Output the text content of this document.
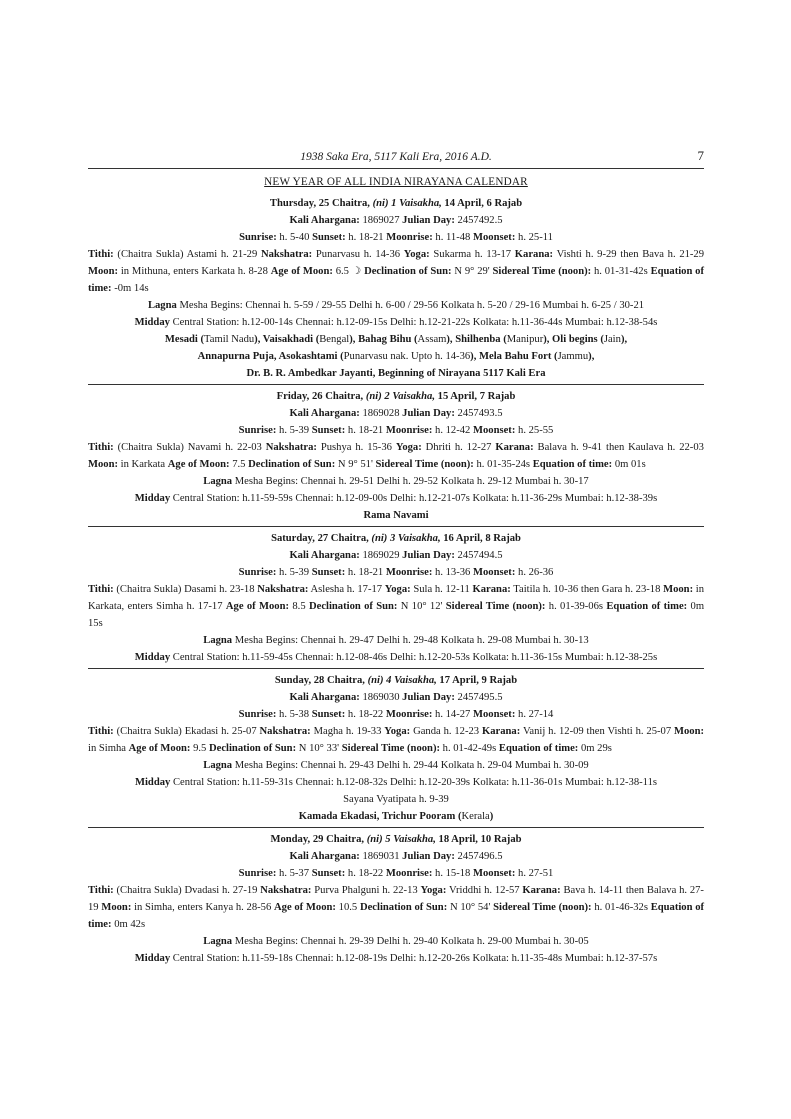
1938 Saka Era, 5117 Kali Era, 2016 A.D.	7
NEW YEAR OF ALL INDIA NIRAYANA CALENDAR
Thursday, 25 Chaitra, (ni) 1 Vaisakha, 14 April, 6 Rajab
Kali Ahargana: 1869027 Julian Day: 2457492.5
Sunrise: h. 5-40 Sunset: h. 18-21 Moonrise: h. 11-48 Moonset: h. 25-11
Tithi: (Chaitra Sukla) Astami h. 21-29 Nakshatra: Punarvasu h. 14-36 Yoga: Sukarma h. 13-17 Karana: Vishti h. 9-29 then Bava h. 21-29 Moon: in Mithuna, enters Karkata h. 8-28 Age of Moon: 6.5 ☽ Declination of Sun: N 9° 29' Sidereal Time (noon): h. 01-31-42s Equation of time: -0m 14s
Lagna Mesha Begins: Chennai h. 5-59 / 29-55 Delhi h. 6-00 / 29-56 Kolkata h. 5-20 / 29-16 Mumbai h. 6-25 / 30-21
Midday Central Station: h.12-00-14s Chennai: h.12-09-15s Delhi: h.12-21-22s Kolkata: h.11-36-44s Mumbai: h.12-38-54s
Mesadi (Tamil Nadu), Vaisakhadi (Bengal), Bahag Bihu (Assam), Shilhenba (Manipur), Oli begins (Jain),
Annapurna Puja, Asokashtami (Punarvasu nak. Upto h. 14-36), Mela Bahu Fort (Jammu),
Dr. B. R. Ambedkar Jayanti, Beginning of Nirayana 5117 Kali Era
Friday, 26 Chaitra, (ni) 2 Vaisakha, 15 April, 7 Rajab
Kali Ahargana: 1869028 Julian Day: 2457493.5
Sunrise: h. 5-39 Sunset: h. 18-21 Moonrise: h. 12-42 Moonset: h. 25-55
Tithi: (Chaitra Sukla) Navami h. 22-03 Nakshatra: Pushya h. 15-36 Yoga: Dhriti h. 12-27 Karana: Balava h. 9-41 then Kaulava h. 22-03 Moon: in Karkata Age of Moon: 7.5 Declination of Sun: N 9° 51' Sidereal Time (noon): h. 01-35-24s Equation of time: 0m 01s
Lagna Mesha Begins: Chennai h. 29-51 Delhi h. 29-52 Kolkata h. 29-12 Mumbai h. 30-17
Midday Central Station: h.11-59-59s Chennai: h.12-09-00s Delhi: h.12-21-07s Kolkata: h.11-36-29s Mumbai: h.12-38-39s
Rama Navami
Saturday, 27 Chaitra, (ni) 3 Vaisakha, 16 April, 8 Rajab
Kali Ahargana: 1869029 Julian Day: 2457494.5
Sunrise: h. 5-39 Sunset: h. 18-21 Moonrise: h. 13-36 Moonset: h. 26-36
Tithi: (Chaitra Sukla) Dasami h. 23-18 Nakshatra: Aslesha h. 17-17 Yoga: Sula h. 12-11 Karana: Taitila h. 10-36 then Gara h. 23-18 Moon: in Karkata, enters Simha h. 17-17 Age of Moon: 8.5 Declination of Sun: N 10° 12' Sidereal Time (noon): h. 01-39-06s Equation of time: 0m 15s
Lagna Mesha Begins: Chennai h. 29-47 Delhi h. 29-48 Kolkata h. 29-08 Mumbai h. 30-13
Midday Central Station: h.11-59-45s Chennai: h.12-08-46s Delhi: h.12-20-53s Kolkata: h.11-36-15s Mumbai: h.12-38-25s
Sunday, 28 Chaitra, (ni) 4 Vaisakha, 17 April, 9 Rajab
Kali Ahargana: 1869030 Julian Day: 2457495.5
Sunrise: h. 5-38 Sunset: h. 18-22 Moonrise: h. 14-27 Moonset: h. 27-14
Tithi: (Chaitra Sukla) Ekadasi h. 25-07 Nakshatra: Magha h. 19-33 Yoga: Ganda h. 12-23 Karana: Vanij h. 12-09 then Vishti h. 25-07 Moon: in Simha Age of Moon: 9.5 Declination of Sun: N 10° 33' Sidereal Time (noon): h. 01-42-49s Equation of time: 0m 29s
Lagna Mesha Begins: Chennai h. 29-43 Delhi h. 29-44 Kolkata h. 29-04 Mumbai h. 30-09
Midday Central Station: h.11-59-31s Chennai: h.12-08-32s Delhi: h.12-20-39s Kolkata: h.11-36-01s Mumbai: h.12-38-11s
Sayana Vyatipata h. 9-39
Kamada Ekadasi, Trichur Pooram (Kerala)
Monday, 29 Chaitra, (ni) 5 Vaisakha, 18 April, 10 Rajab
Kali Ahargana: 1869031 Julian Day: 2457496.5
Sunrise: h. 5-37 Sunset: h. 18-22 Moonrise: h. 15-18 Moonset: h. 27-51
Tithi: (Chaitra Sukla) Dvadasi h. 27-19 Nakshatra: Purva Phalguni h. 22-13 Yoga: Vriddhi h. 12-57 Karana: Bava h. 14-11 then Balava h. 27-19 Moon: in Simha, enters Kanya h. 28-56 Age of Moon: 10.5 Declination of Sun: N 10° 54' Sidereal Time (noon): h. 01-46-32s Equation of time: 0m 42s
Lagna Mesha Begins: Chennai h. 29-39 Delhi h. 29-40 Kolkata h. 29-00 Mumbai h. 30-05
Midday Central Station: h.11-59-18s Chennai: h.12-08-19s Delhi: h.12-20-26s Kolkata: h.11-35-48s Mumbai: h.12-37-57s
